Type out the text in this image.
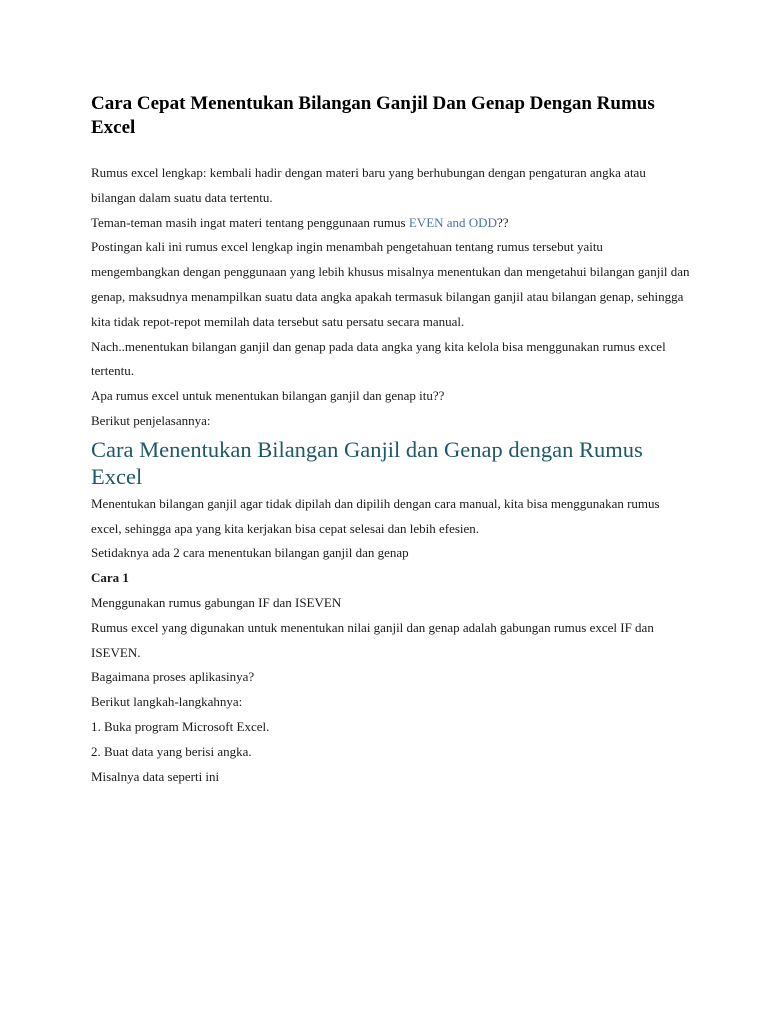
Cara Cepat Menentukan Bilangan Ganjil Dan Genap Dengan Rumus Excel

Rumus excel lengkap: kembali hadir dengan materi baru yang berhubungan dengan pengaturan angka atau bilangan dalam suatu data tertentu.

Teman-teman masih ingat materi tentang penggunaan rumus EVEN and ODD??

Postingan kali ini rumus excel lengkap ingin menambah pengetahuan tentang rumus tersebut yaitu mengembangkan dengan penggunaan yang lebih khusus misalnya menentukan dan mengetahui bilangan ganjil dan genap, maksudnya menampilkan suatu data angka apakah termasuk bilangan ganjil atau bilangan genap, sehingga kita tidak repot-repot memilah data tersebut satu persatu secara manual.

Nach..menentukan bilangan ganjil dan genap pada data angka yang kita kelola bisa menggunakan rumus excel tertentu.

Apa rumus excel untuk menentukan bilangan ganjil dan genap itu??

Berikut penjelasannya:

Cara Menentukan Bilangan Ganjil dan Genap dengan Rumus Excel

Menentukan bilangan ganjil agar tidak dipilah dan dipilih dengan cara manual, kita bisa menggunakan rumus excel, sehingga apa yang kita kerjakan bisa cepat selesai dan lebih efesien.

Setidaknya ada 2 cara menentukan bilangan ganjil dan genap

Cara 1

Menggunakan rumus gabungan IF dan ISEVEN

Rumus excel yang digunakan untuk menentukan nilai ganjil dan genap adalah gabungan rumus excel IF dan ISEVEN.

Bagaimana proses aplikasinya?

Berikut langkah-langkahnya:

1. Buka program Microsoft Excel.

2. Buat data yang berisi angka.

Misalnya data seperti ini
